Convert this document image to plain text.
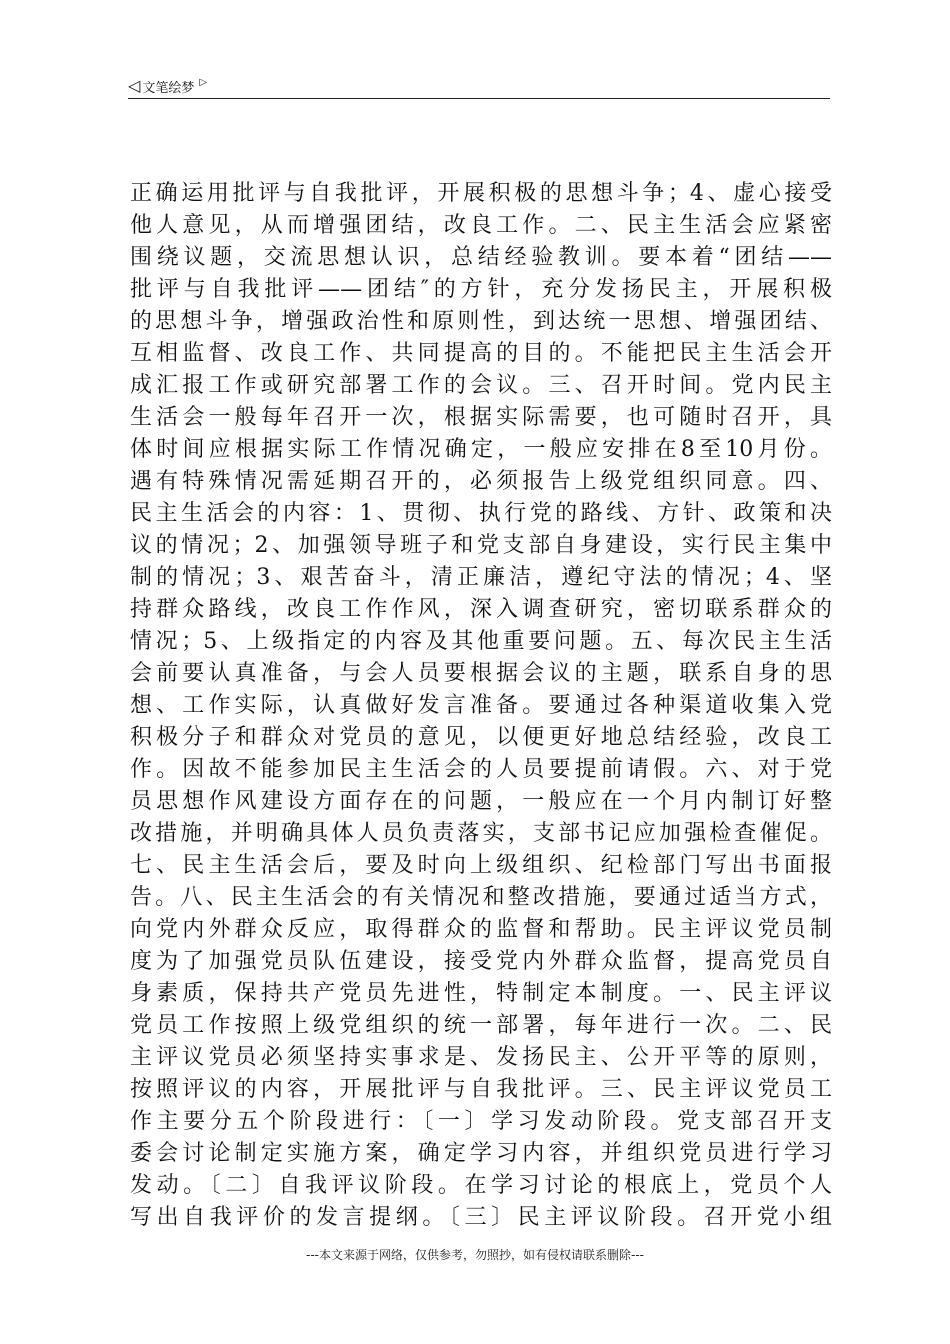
◁ 文笔绘梦 ▷
正确运用批评与自我批评，开展积极的思想斗争；4、虚心接受
他人意见，从而增强团结，改良工作。二、民主生活会应紧密
围绕议题，交流思想认识，总结经验教训。要本着“团结——
批评与自我批评——团结″的方针，充分发扬民主，开展积极
的思想斗争，增强政治性和原则性，到达统一思想、增强团结、
互相监督、改良工作、共同提高的目的。不能把民主生活会开
成汇报工作或研究部署工作的会议。三、召开时间。党内民主
生活会一般每年召开一次，根据实际需要，也可随时召开，具
体时间应根据实际工作情况确定，一般应安排在8至10月份。
遇有特殊情况需延期召开的，必须报告上级党组织同意。四、
民主生活会的内容：1、贯彻、执行党的路线、方针、政策和决
议的情况；2、加强领导班子和党支部自身建设，实行民主集中
制的情况；3、艰苦奋斗，清正廉洁，遵纪守法的情况；4、坚
持群众路线，改良工作作风，深入调查研究，密切联系群众的
情况；5、上级指定的内容及其他重要问题。五、每次民主生活
会前要认真准备，与会人员要根据会议的主题，联系自身的思
想、工作实际，认真做好发言准备。要通过各种渠道收集入党
积极分子和群众对党员的意见，以便更好地总结经验，改良工
作。因故不能参加民主生活会的人员要提前请假。六、对于党
员思想作风建设方面存在的问题，一般应在一个月内制订好整
改措施，并明确具体人员负责落实，支部书记应加强检查催促。
七、民主生活会后，要及时向上级组织、纪检部门写出书面报
告。八、民主生活会的有关情况和整改措施，要通过适当方式，
向党内外群众反应，取得群众的监督和帮助。民主评议党员制
度为了加强党员队伍建设，接受党内外群众监督，提高党员自
身素质，保持共产党员先进性，特制定本制度。一、民主评议
党员工作按照上级党组织的统一部署，每年进行一次。二、民
主评议党员必须坚持实事求是、发扬民主、公开平等的原则，
按照评议的内容，开展批评与自我批评。三、民主评议党员工
作主要分五个阶段进行：〔一〕学习发动阶段。党支部召开支
委会讨论制定实施方案，确定学习内容，并组织党员进行学习
发动。〔二〕自我评议阶段。在学习讨论的根底上，党员个人
写出自我评价的发言提纲。〔三〕民主评议阶段。召开党小组
---本文来源于网络，仅供参考，勿照抄，如有侵权请联系删除---
